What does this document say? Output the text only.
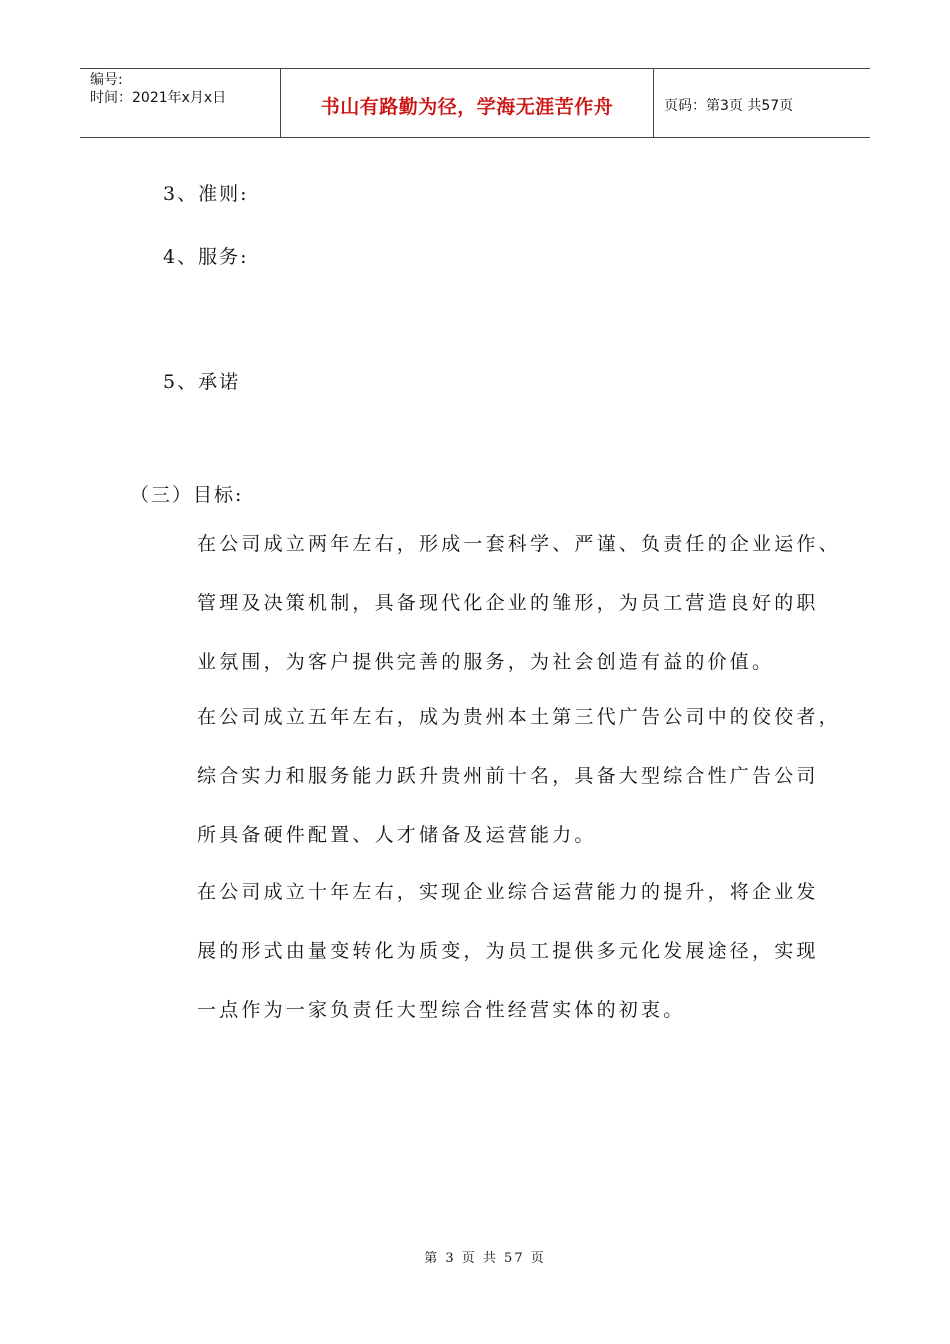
编号:
时间：2021年x月x日	书山有路勤为径，学海无涯苦作舟	页码：第3页 共57页
3、准则:
4、服务:
5、承诺
（三）目标:
在公司成立两年左右，形成一套科学、严谨、负责任的企业运作、
管理及决策机制，具备现代化企业的雏形，为员工营造良好的职
业氛围，为客户提供完善的服务，为社会创造有益的价值。
在公司成立五年左右，成为贵州本土第三代广告公司中的佼佼者，
综合实力和服务能力跃升贵州前十名，具备大型综合性广告公司
所具备硬件配置、人才储备及运营能力。
在公司成立十年左右，实现企业综合运营能力的提升，将企业发
展的形式由量变转化为质变，为员工提供多元化发展途径，实现
一点作为一家负责任大型综合性经营实体的初衷。
第 3 页 共 57 页
